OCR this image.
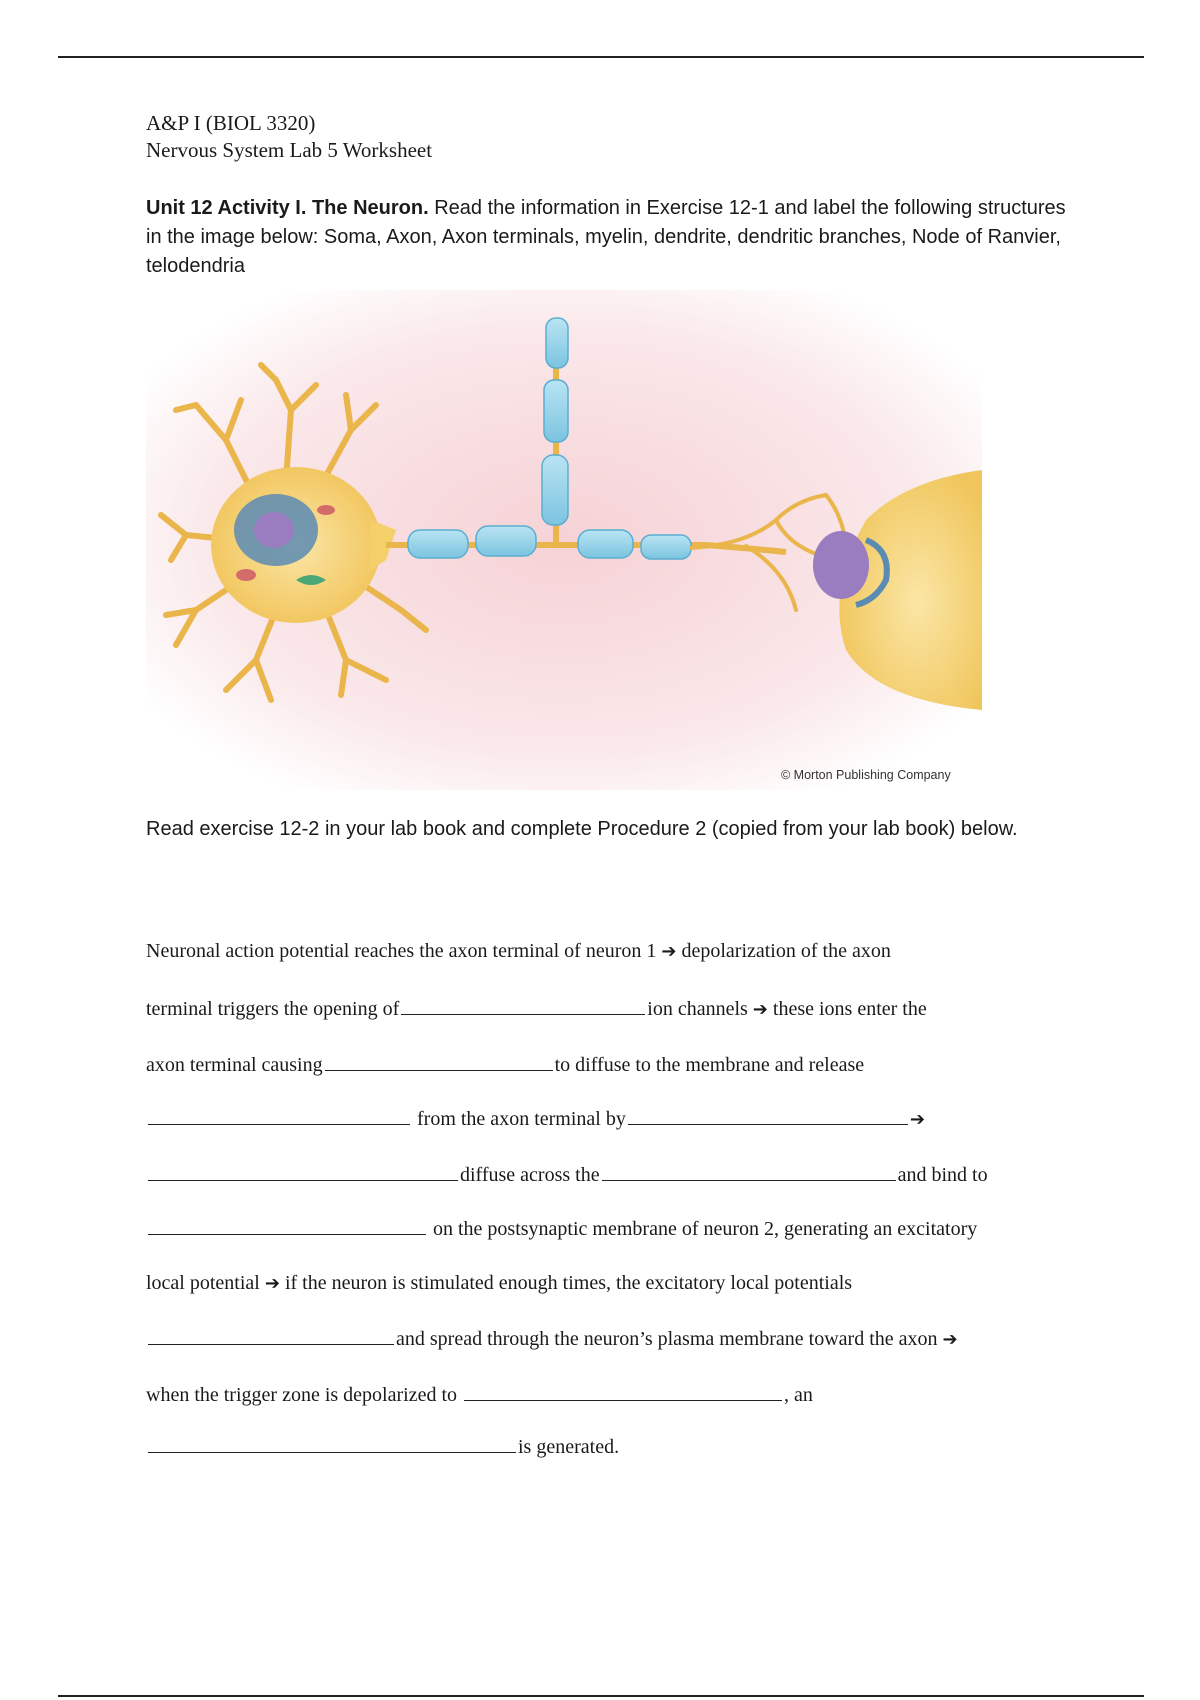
A&P I (BIOL 3320)
Nervous System Lab 5 Worksheet
Unit 12 Activity I. The Neuron. Read the information in Exercise 12-1 and label the following structures in the image below: Soma, Axon, Axon terminals, myelin, dendrite, dendritic branches, Node of Ranvier, telodendria
© Morton Publishing Company
Read exercise 12-2 in your lab book and complete Procedure 2 (copied from your lab book) below.
Neuronal action potential reaches the axon terminal of neuron 1 ➔ depolarization of the axon
terminal triggers the opening of	ion channels ➔ these ions enter the
axon terminal causing	to diffuse to the membrane and release
from the axon terminal by	➔
diffuse across the	and bind to
on the postsynaptic membrane of neuron 2, generating an excitatory
local potential ➔ if the neuron is stimulated enough times, the excitatory local potentials
and spread through the neuron’s plasma membrane toward the axon ➔
when the trigger zone is depolarized to	, an
is generated.
